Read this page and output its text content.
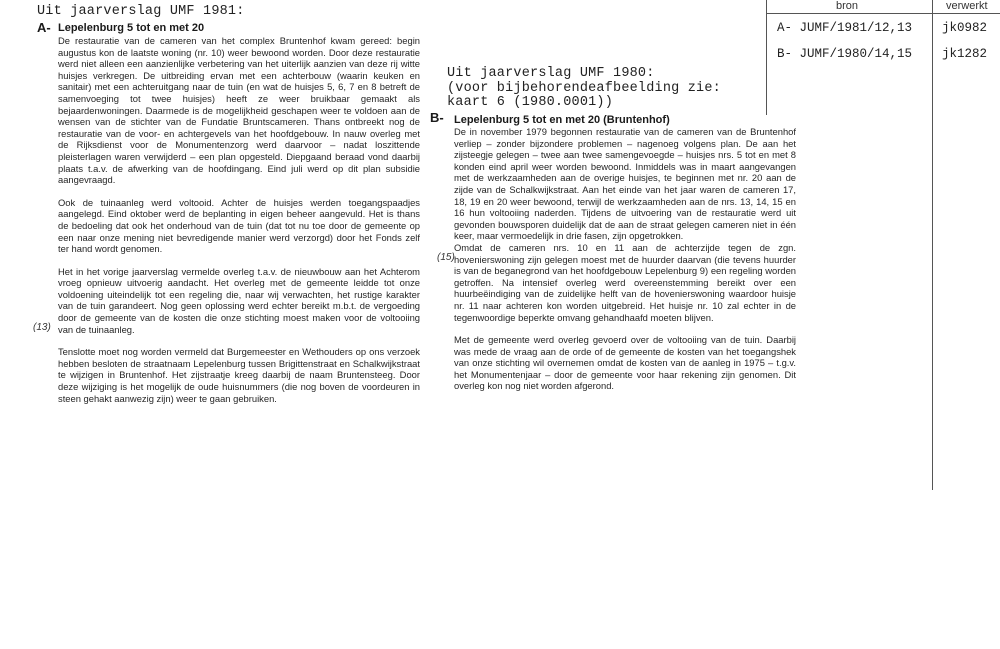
bron	verwerkt
A- JUMF/1981/12,13 jk0982
B- JUMF/1980/14,15 jk1282
Uit jaarverslag UMF 1981:
A- Lepelenburg 5 tot en met 20

De restauratie van de cameren van het complex Bruntenhof kwam gereed: begin augustus kon de laatste woning (nr. 10) weer bewoond worden. Door deze restauratie werd niet alleen een aanzienlijke verbetering van het uiterlijk aanzien van deze rij witte huisjes verkregen. De uitbreiding ervan met een achterbouw (waarin keuken en sanitair) met een achteruitgang naar de tuin (en wat de huisjes 5, 6, 7 en 8 betreft de samenvoeging tot twee huisjes) heeft ze weer bruikbaar gemaakt als bejaardenwoningen. Daarmede is de mogelijkheid geschapen weer te voldoen aan de wensen van de stichter van de Fundatie Bruntscameren. Thans ontbreekt nog de restauratie van de voor- en achtergevels van het hoofdgebouw. In nauw overleg met de Rijksdienst voor de Monumentenzorg werd daarvoor – nadat loszittende pleisterlagen waren verwijderd – een plan opgesteld. Diepgaand beraad vond daarbij plaats t.a.v. de afwerking van de hoofdingang. Eind juli werd op dit plan subsidie aangevraagd.

Ook de tuinaanleg werd voltooid. Achter de huisjes werden toegangspaadjes aangelegd. Eind oktober werd de beplanting in eigen beheer aangevuld. Het is thans de bedoeling dat ook het onderhoud van de tuin (dat tot nu toe door de gemeente op een naar onze mening niet bevredigende manier werd verzorgd) door het Fonds zelf ter hand wordt genomen.

Het in het vorige jaarverslag vermelde overleg t.a.v. de nieuwbouw aan het Achterom vroeg opnieuw uitvoerig aandacht. Het overleg met de gemeente leidde tot onze voldoening uiteindelijk tot een regeling die, naar wij verwachten, het rustige karakter van de tuin garandeert. Nog geen oplossing werd echter bereikt m.b.t. de vergoeding door de gemeente van de kosten die onze stichting moest maken voor de voltooiing van de tuinaanleg.

Tenslotte moet nog worden vermeld dat Burgemeester en Wethouders op ons verzoek hebben besloten de straatnaam Lepelenburg tussen Brigittenstraat en Schalkwijkstraat te wijzigen in Bruntenhof. Het zijstraatje kreeg daarbij de naam Bruntensteeg. Door deze wijziging is het mogelijk de oude huisnummers (die nog boven de voordeuren in steen gehakt aanwezig zijn) weer te gaan gebruiken.

(13)
Uit jaarverslag UMF 1980:
(voor bijbehorendeafbeelding zie:
kaart 6 (1980.0001))
B- Lepelenburg 5 tot en met 20 (Bruntenhof)

De in november 1979 begonnen restauratie van de cameren van de Bruntenhof verliep – zonder bijzondere problemen – nagenoeg volgens plan. De aan het zijsteegje gelegen – twee aan twee samengevoegde – huisjes nrs. 5 tot en met 8 konden eind april weer worden bewoond. Inmiddels was in maart aangevangen met de werkzaamheden aan de overige huisjes, te beginnen met nr. 20 aan de zijde van de Schalkwijkstraat. Aan het einde van het jaar waren de cameren 17, 18, 19 en 20 weer bewoond, terwijl de werkzaamheden aan de nrs. 13, 14, 15 en 16 hun voltooiing naderden. Tijdens de uitvoering van de restauratie werd uit gevonden bouwsporen duidelijk dat de aan de straat gelegen cameren niet in één keer, maar vermoedelijk in drie fasen, zijn opgetrokken.

Omdat de cameren nrs. 10 en 11 aan de achterzijde tegen de zgn. hovenierswoning zijn gelegen moest met de huurder daarvan (die tevens huurder is van de beganegrond van het hoofdgebouw Lepelenburg 9) een regeling worden getroffen. Na intensief overleg werd overeenstemming bereikt over een huurbeëindiging van de zuidelijke helft van de hovenierswoning waardoor huisje nr. 11 naar achteren kon worden uitgebreid. Het huisje nr. 10 zal echter in de tegenwoordige beperkte omvang gehandhaafd moeten blijven.

Met de gemeente werd overleg gevoerd over de voltooiing van de tuin. Daarbij was mede de vraag aan de orde of de gemeente de kosten van het toegangshek van onze stichting wil overnemen omdat de kosten van de aanleg in 1975 – t.g.v. het Monumentenjaar – door de gemeente voor haar rekening zijn genomen. Dit overleg kon nog niet worden afgerond.

(15)
